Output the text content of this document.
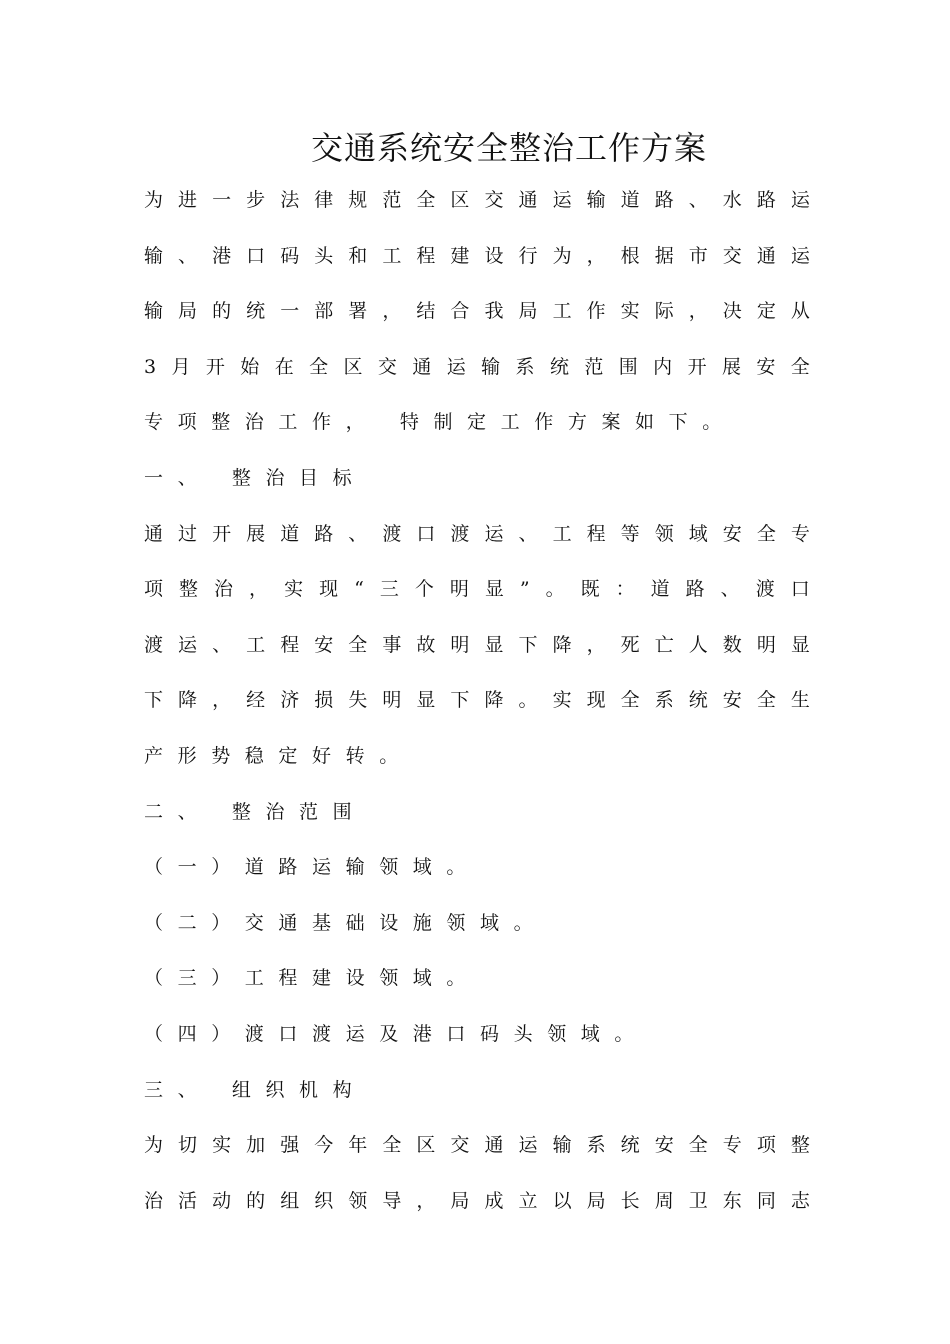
交通系统安全整治工作方案
为 进 一 步 法 律 规 范 全 区 交 通 运 输 道 路 、 水 路 运
输 、 港 口 码 头 和 工 程 建 设 行 为 ， 根 据 市 交 通 运
输 局 的 统 一 部 署 ， 结 合 我 局 工 作 实 际 ， 决 定 从
3 月 开 始 在 全 区 交 通 运 输 系 统 范 围 内 开 展 安 全
专项整治工作， 特制定工作方案如下。
一、 整治目标
通 过 开 展 道 路 、 渡 口 渡 运 、 工 程 等 领 域 安 全 专
项 整 治 ， 实 现 “ 三 个 明 显 ” 。 既 ： 道 路 、 渡 口
渡 运 、 工 程 安 全 事 故 明 显 下 降 ， 死 亡 人 数 明 显
下 降 ， 经 济 损 失 明 显 下 降 。 实 现 全 系 统 安 全 生
产形势稳定好转。
二、 整治范围
（一）道路运输领域。
（二）交通基础设施领域。
（三）工程建设领域。
（四）渡口渡运及港口码头领域。
三、 组织机构
为 切 实 加 强 今 年 全 区 交 通 运 输 系 统 安 全 专 项 整
治 活 动 的 组 织 领 导 ， 局 成 立 以 局 长 周 卫 东 同 志
